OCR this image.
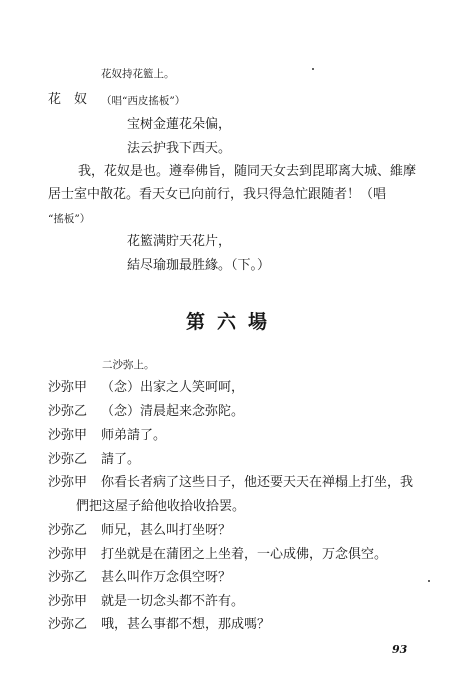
花奴持花籃上。
花　奴 （唱“西皮搖板”）
宝树金蓮花朵偏，
法云护我下西天。
我，花奴是也。遵奉佛旨，随同天女去到毘耶离大城、維摩
居士室中散花。看天女已向前行，我只得急忙跟随者！（唱
“搖板”）
花籃满貯天花片，
結尽瑜珈最胜緣。（下。）
第六場
二沙弥上。
沙弥甲 （念）出家之人笑呵呵，
沙弥乙 （念）清晨起来念弥陀。
沙弥甲 师弟請了。
沙弥乙 請了。
沙弥甲 你看长者病了这些日子，他还要天天在禅榻上打坐，我
們把这屋子給他收拾收拾罢。
沙弥乙 师兄，甚么叫打坐呀？
沙弥甲 打坐就是在蒲团之上坐着，一心成佛，万念俱空。
沙弥乙 甚么叫作万念俱空呀？
沙弥甲 就是一切念头都不許有。
沙弥乙 哦，甚么事都不想，那成嗎？
93
